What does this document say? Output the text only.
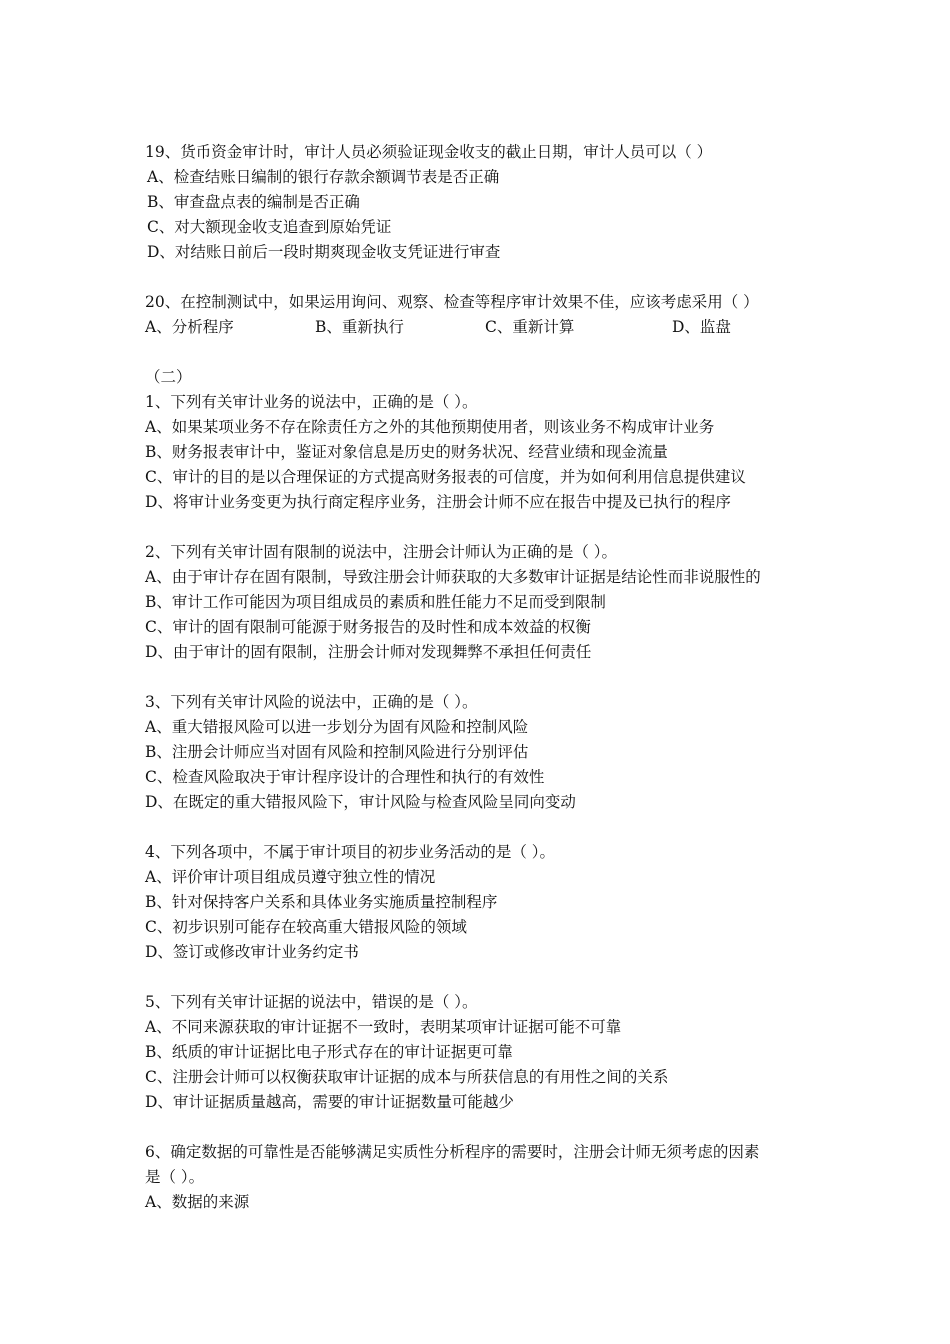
19、货币资金审计时，审计人员必须验证现金收支的截止日期，审计人员可以（ ）
A、检查结账日编制的银行存款余额调节表是否正确
B、审查盘点表的编制是否正确
C、对大额现金收支追查到原始凭证
D、对结账日前后一段时期爽现金收支凭证进行审查
20、在控制测试中，如果运用询问、观察、检查等程序审计效果不佳，应该考虑采用（ ）
A、分析程序	B、重新执行	C、重新计算	D、监盘
（二）
1、下列有关审计业务的说法中，正确的是（ ）。
A、如果某项业务不存在除责任方之外的其他预期使用者，则该业务不构成审计业务
B、财务报表审计中，鉴证对象信息是历史的财务状况、经营业绩和现金流量
C、审计的目的是以合理保证的方式提高财务报表的可信度，并为如何利用信息提供建议
D、将审计业务变更为执行商定程序业务，注册会计师不应在报告中提及已执行的程序
2、下列有关审计固有限制的说法中，注册会计师认为正确的是（ ）。
A、由于审计存在固有限制，导致注册会计师获取的大多数审计证据是结论性而非说服性的
B、审计工作可能因为项目组成员的素质和胜任能力不足而受到限制
C、审计的固有限制可能源于财务报告的及时性和成本效益的权衡
D、由于审计的固有限制，注册会计师对发现舞弊不承担任何责任
3、下列有关审计风险的说法中，正确的是（ ）。
A、重大错报风险可以进一步划分为固有风险和控制风险
B、注册会计师应当对固有风险和控制风险进行分别评估
C、检查风险取决于审计程序设计的合理性和执行的有效性
D、在既定的重大错报风险下，审计风险与检查风险呈同向变动
4、下列各项中，不属于审计项目的初步业务活动的是（ ）。
A、评价审计项目组成员遵守独立性的情况
B、针对保持客户关系和具体业务实施质量控制程序
C、初步识别可能存在较高重大错报风险的领域
D、签订或修改审计业务约定书
5、下列有关审计证据的说法中，错误的是（ ）。
A、不同来源获取的审计证据不一致时，表明某项审计证据可能不可靠
B、纸质的审计证据比电子形式存在的审计证据更可靠
C、注册会计师可以权衡获取审计证据的成本与所获信息的有用性之间的关系
D、审计证据质量越高，需要的审计证据数量可能越少
6、确定数据的可靠性是否能够满足实质性分析程序的需要时，注册会计师无须考虑的因素
是（ ）。
A、数据的来源
